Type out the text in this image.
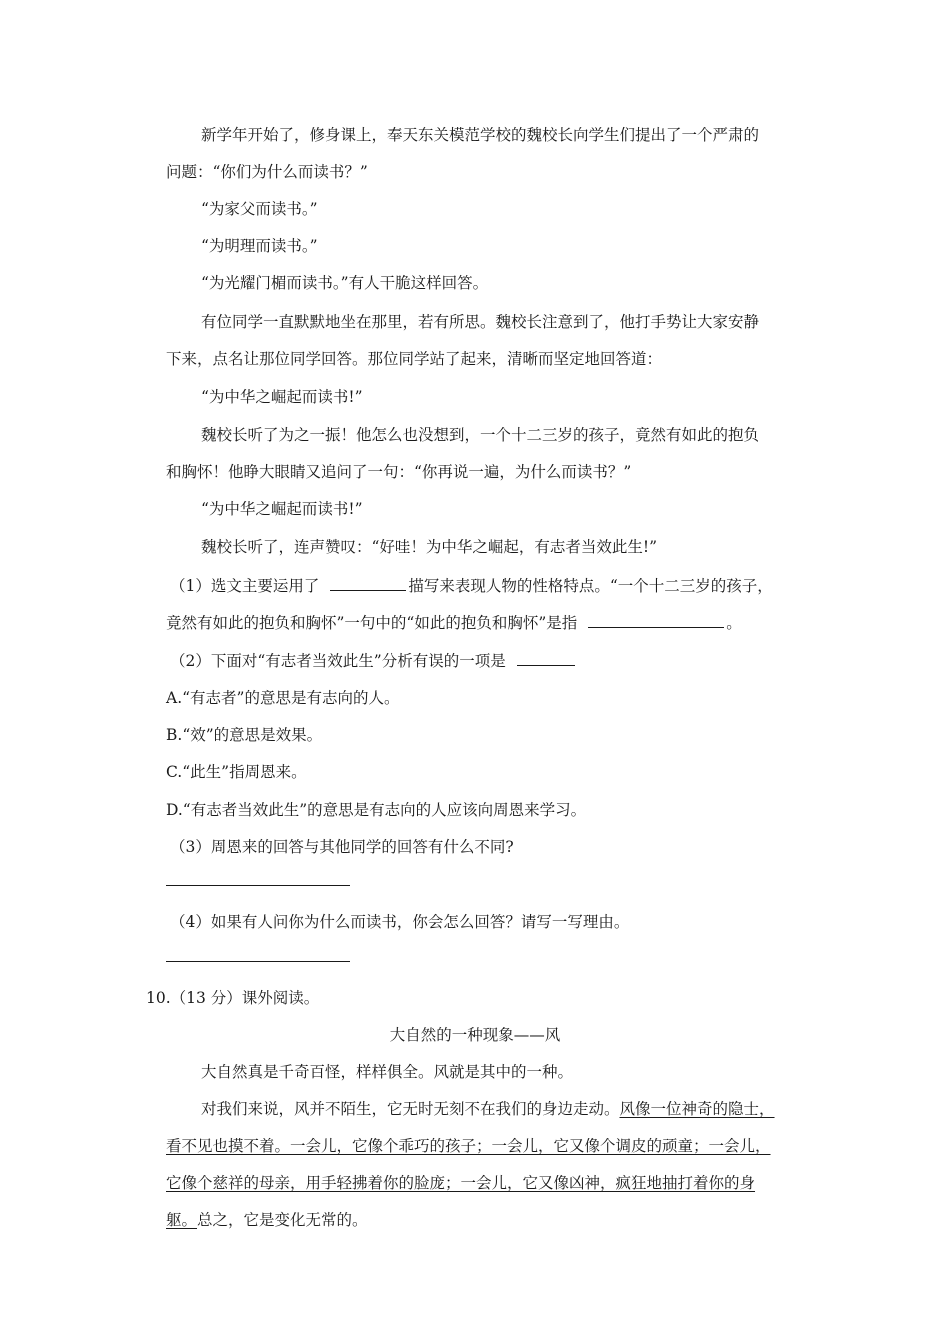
新学年开始了，修身课上，奉天东关模范学校的魏校长向学生们提出了一个严肃的
问题：“你们为什么而读书？”
“为家父而读书。”
“为明理而读书。”
“为光耀门楣而读书。”有人干脆这样回答。
有位同学一直默默地坐在那里，若有所思。魏校长注意到了，他打手势让大家安静
下来，点名让那位同学回答。那位同学站了起来，清晰而坚定地回答道：
“为中华之崛起而读书!”
魏校长听了为之一振！他怎么也没想到，一个十二三岁的孩子，竟然有如此的抱负
和胸怀！他睁大眼睛又追问了一句：“你再说一遍，为什么而读书？”
“为中华之崛起而读书!”
魏校长听了，连声赞叹：“好哇！为中华之崛起，有志者当效此生!”
（1）选文主要运用了	描写来表现人物的性格特点。“一个十二三岁的孩子，
竟然有如此的抱负和胸怀”一句中的“如此的抱负和胸怀”是指	。
（2）下面对“有志者当效此生”分析有误的一项是
A.“有志者”的意思是有志向的人。
B.“效”的意思是效果。
C.“此生”指周恩来。
D.“有志者当效此生”的意思是有志向的人应该向周恩来学习。
（3）周恩来的回答与其他同学的回答有什么不同?
（4）如果有人问你为什么而读书，你会怎么回答？请写一写理由。
10.（13 分）课外阅读。
大自然的一种现象——风
大自然真是千奇百怪，样样俱全。风就是其中的一种。
对我们来说，风并不陌生，它无时无刻不在我们的身边走动。风像一位神奇的隐士，
看不见也摸不着。一会儿，它像个乖巧的孩子；一会儿，它又像个调皮的顽童；一会儿，
它像个慈祥的母亲，用手轻拂着你的脸庞；一会儿，它又像凶神，疯狂地抽打着你的身
躯。总之，它是变化无常的。
